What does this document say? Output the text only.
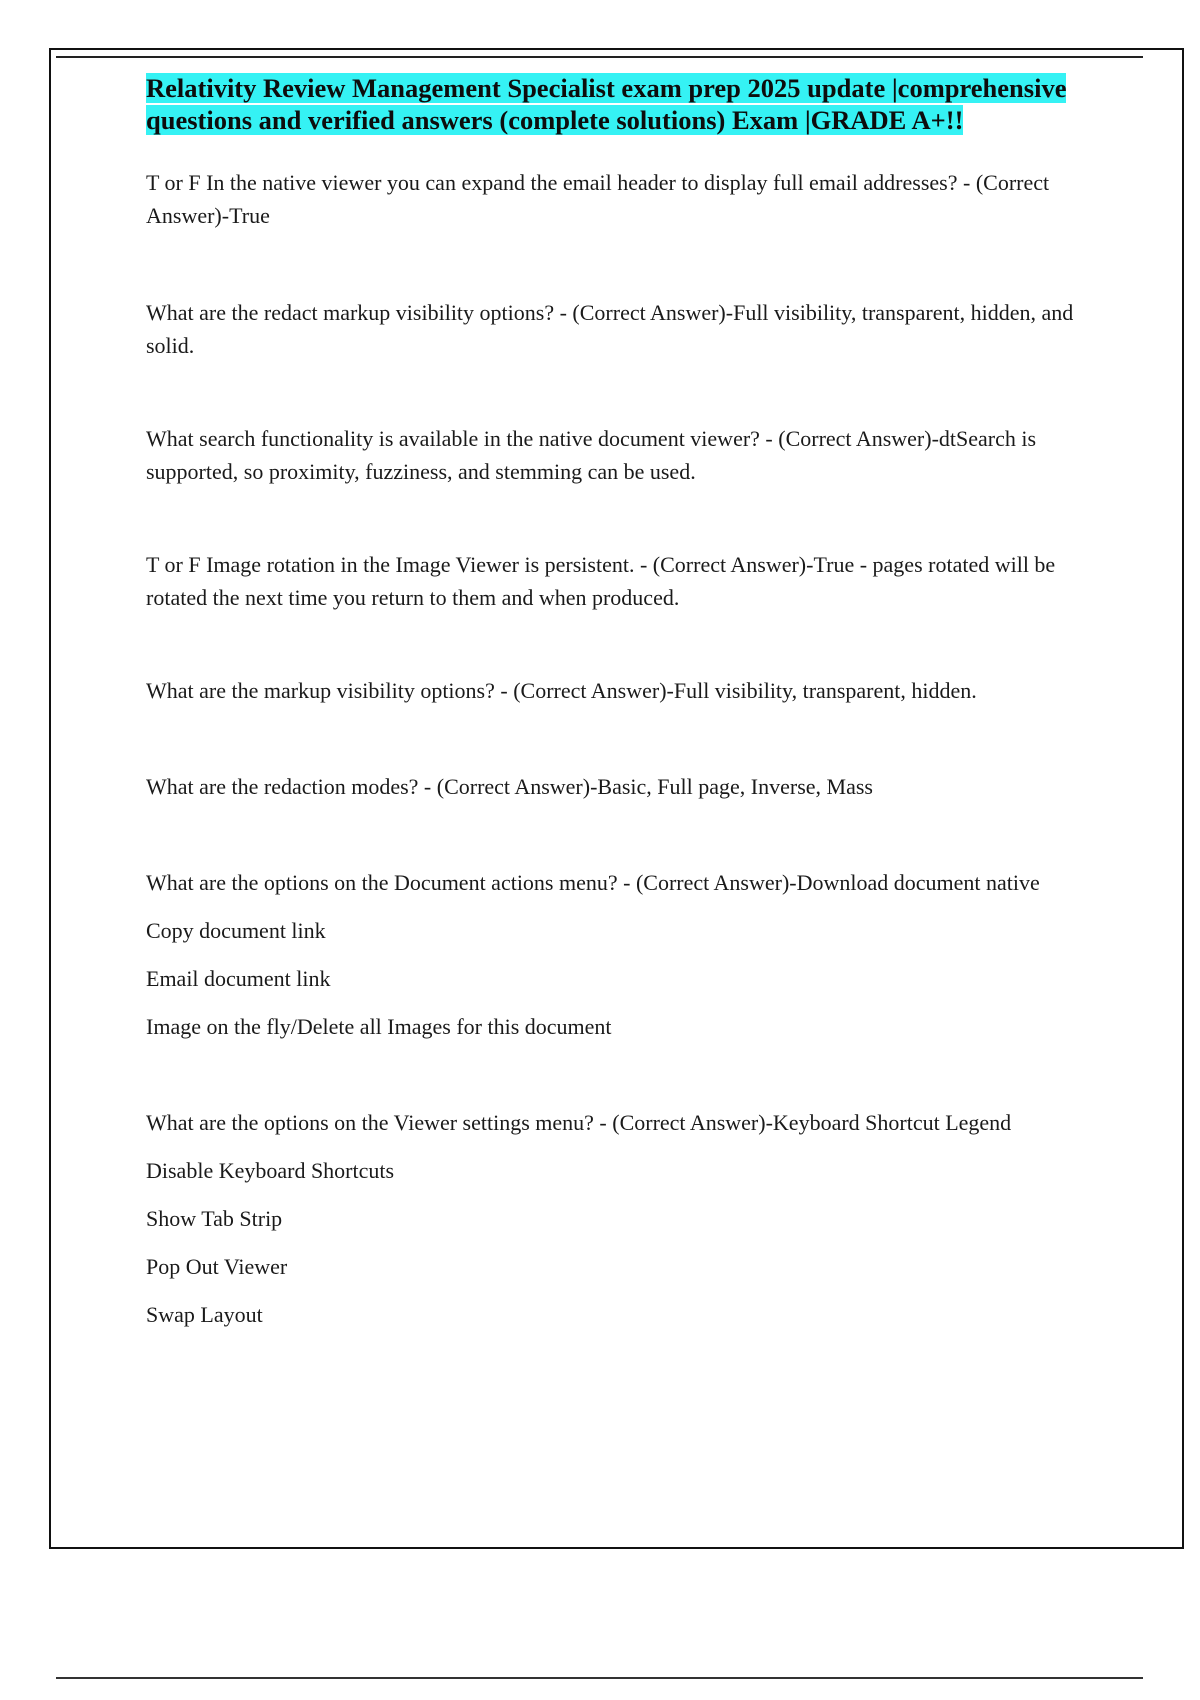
Relativity Review Management Specialist exam prep 2025 update |comprehensive questions and verified answers (complete solutions) Exam |GRADE A+!!

T or F In the native viewer you can expand the email header to display full email addresses? - (Correct Answer)-True

What are the redact markup visibility options? - (Correct Answer)-Full visibility, transparent, hidden, and solid.

What search functionality is available in the native document viewer? - (Correct Answer)-dtSearch is supported, so proximity, fuzziness, and stemming can be used.

T or F Image rotation in the Image Viewer is persistent. - (Correct Answer)-True - pages rotated will be rotated the next time you return to them and when produced.

What are the markup visibility options? - (Correct Answer)-Full visibility, transparent, hidden.

What are the redaction modes? - (Correct Answer)-Basic, Full page, Inverse, Mass

What are the options on the Document actions menu? - (Correct Answer)-Download document native

Copy document link

Email document link

Image on the fly/Delete all Images for this document

What are the options on the Viewer settings menu? - (Correct Answer)-Keyboard Shortcut Legend

Disable Keyboard Shortcuts

Show Tab Strip

Pop Out Viewer

Swap Layout
